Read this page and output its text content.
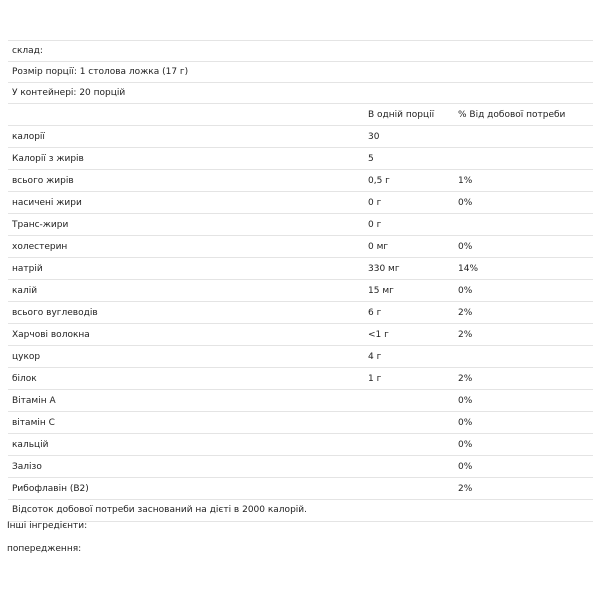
склад:
Розмір порції: 1 столова ложка (17 г)
У контейнері: 20 порцій
	В одній порції	% Від добової потреби
калорії	30	
Калорії з жирів	5	
всього жирів	0,5 г	1%
насичені жири	0 г	0%
Транс-жири	0 г	
холестерин	0 мг	0%
натрій	330 мг	14%
калій	15 мг	0%
всього вуглеводів	6 г	2%
Харчові волокна	<1 г	2%
цукор	4 г	
білок	1 г	2%
Вітамін А		0%
вітамін С		0%
кальцій		0%
Залізо		0%
Рибофлавін (B2)		2%
Відсоток добової потреби заснований на дієті в 2000 калорій.
Інші інгредієнти:
попередження:
